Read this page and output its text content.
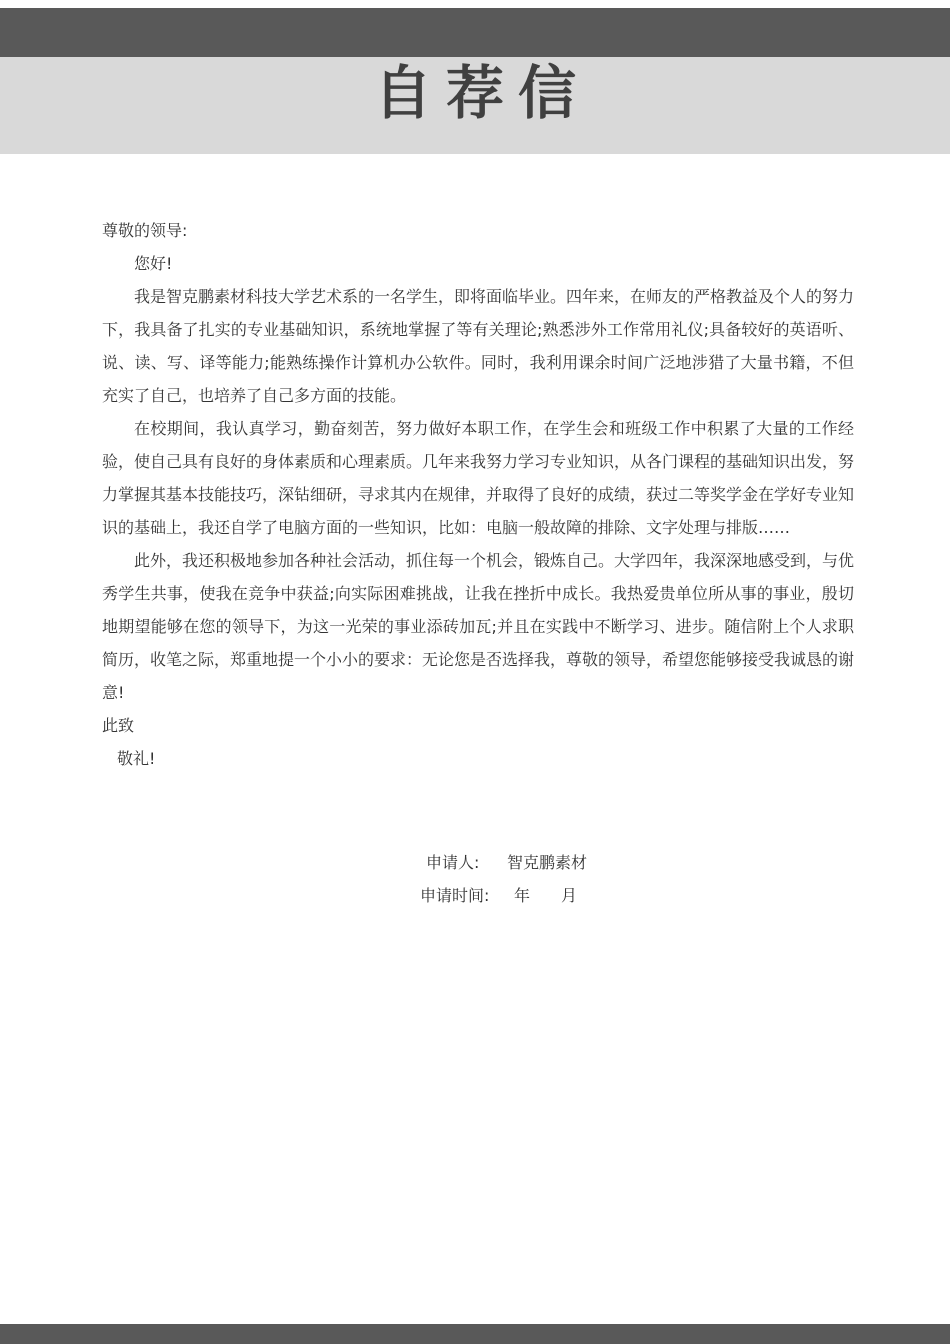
自荐信

尊敬的领导:

您好!

我是智克鹏素材科技大学艺术系的一名学生，即将面临毕业。四年来，在师友的严格教益及个人的努力下，我具备了扎实的专业基础知识，系统地掌握了等有关理论;熟悉涉外工作常用礼仪;具备较好的英语听、说、读、写、译等能力;能熟练操作计算机办公软件。同时，我利用课余时间广泛地涉猎了大量书籍，不但充实了自己，也培养了自己多方面的技能。

在校期间，我认真学习，勤奋刻苦，努力做好本职工作，在学生会和班级工作中积累了大量的工作经验，使自己具有良好的身体素质和心理素质。几年来我努力学习专业知识，从各门课程的基础知识出发，努力掌握其基本技能技巧，深钻细研，寻求其内在规律，并取得了良好的成绩，获过二等奖学金在学好专业知识的基础上，我还自学了电脑方面的一些知识，比如：电脑一般故障的排除、文字处理与排版……

此外，我还积极地参加各种社会活动，抓住每一个机会，锻炼自己。大学四年，我深深地感受到，与优秀学生共事，使我在竞争中获益;向实际困难挑战，让我在挫折中成长。我热爱贵单位所从事的事业，殷切地期望能够在您的领导下，为这一光荣的事业添砖加瓦;并且在实践中不断学习、进步。随信附上个人求职简历，收笔之际，郑重地提一个小小的要求：无论您是否选择我，尊敬的领导，希望您能够接受我诚恳的谢意!

此致

敬礼!

申请人: 智克鹏素材
申请时间: 年 月
